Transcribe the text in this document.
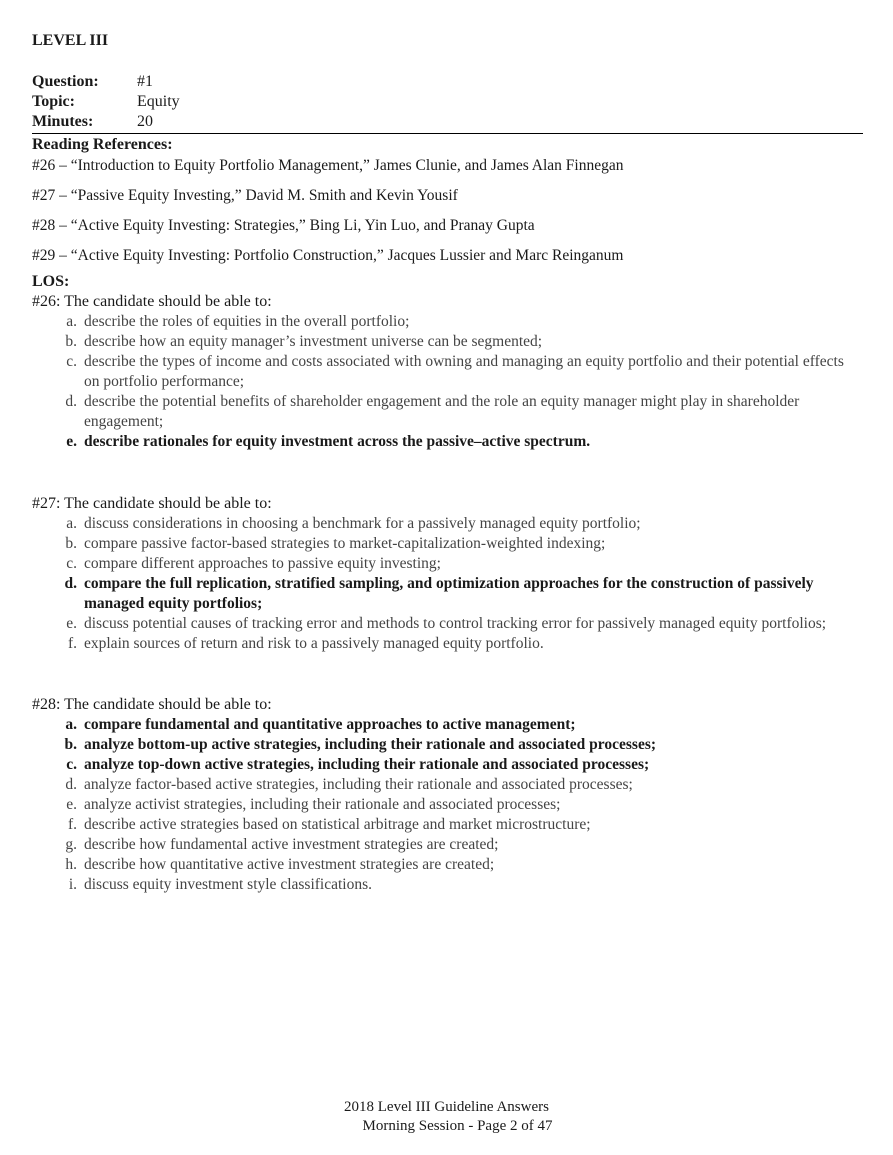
LEVEL III
Question: #1
Topic:	Equity
Minutes:	20
Reading References:
#26 – “Introduction to Equity Portfolio Management,” James Clunie, and James Alan Finnegan
#27 – “Passive Equity Investing,” David M. Smith and Kevin Yousif
#28 – “Active Equity Investing: Strategies,” Bing Li, Yin Luo, and Pranay Gupta
#29 – “Active Equity Investing: Portfolio Construction,” Jacques Lussier and Marc Reinganum
LOS:
#26: The candidate should be able to:
a. describe the roles of equities in the overall portfolio;
b. describe how an equity manager’s investment universe can be segmented;
c. describe the types of income and costs associated with owning and managing an equity portfolio and their potential effects on portfolio performance;
d. describe the potential benefits of shareholder engagement and the role an equity manager might play in shareholder engagement;
e. describe rationales for equity investment across the passive–active spectrum.
#27: The candidate should be able to:
a. discuss considerations in choosing a benchmark for a passively managed equity portfolio;
b. compare passive factor-based strategies to market-capitalization-weighted indexing;
c. compare different approaches to passive equity investing;
d. compare the full replication, stratified sampling, and optimization approaches for the construction of passively managed equity portfolios;
e. discuss potential causes of tracking error and methods to control tracking error for passively managed equity portfolios;
f. explain sources of return and risk to a passively managed equity portfolio.
#28: The candidate should be able to:
a. compare fundamental and quantitative approaches to active management;
b. analyze bottom-up active strategies, including their rationale and associated processes;
c. analyze top-down active strategies, including their rationale and associated processes;
d. analyze factor-based active strategies, including their rationale and associated processes;
e. analyze activist strategies, including their rationale and associated processes;
f. describe active strategies based on statistical arbitrage and market microstructure;
g. describe how fundamental active investment strategies are created;
h. describe how quantitative active investment strategies are created;
i. discuss equity investment style classifications.
2018 Level III Guideline Answers
Morning Session - Page 2 of 47
